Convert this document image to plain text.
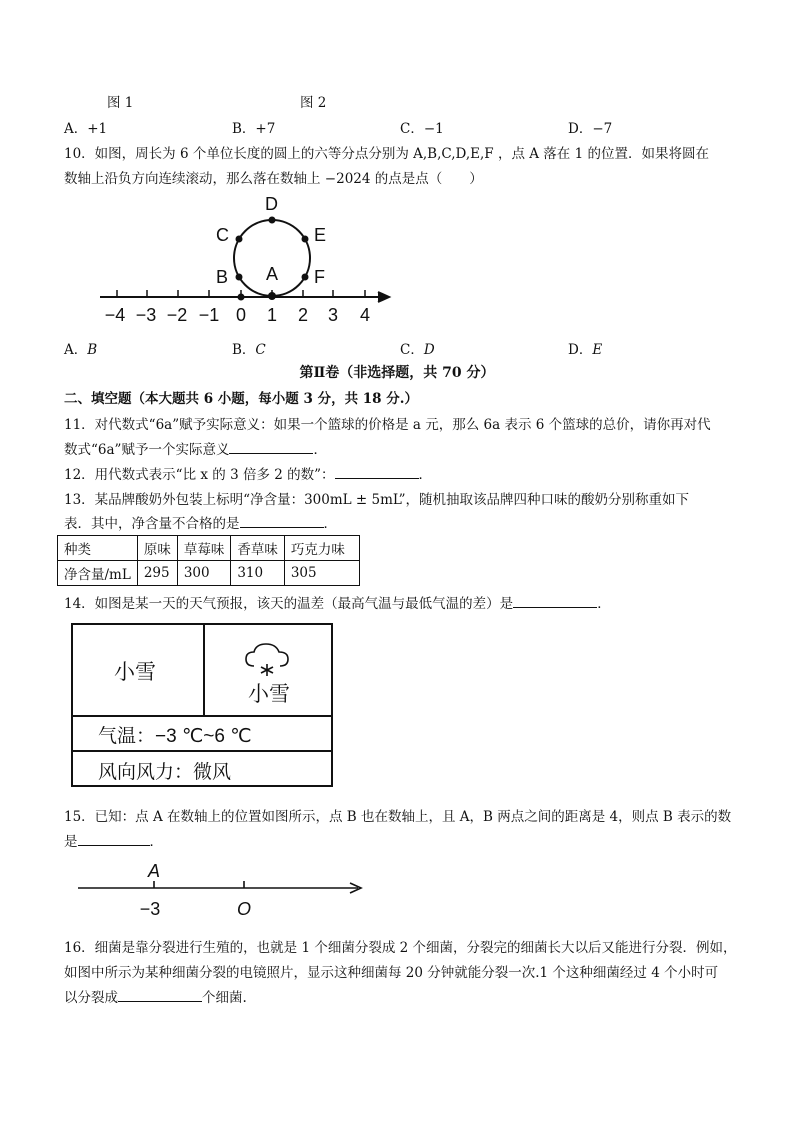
图 1	图 2
A．+1	B．+7	C．−1	D．−7
10．如图，周长为 6 个单位长度的圆上的六等分点分别为 A,B,C,D,E,F ，点 A 落在 1 的位置．如果将圆在
数轴上沿负方向连续滚动，那么落在数轴上 −2024 的点是点（　　）
A
B
C
D
E
F
−4 −3 −2 −1 0 1 2 3 4
A．B	B．C	C．D	D．E
第Ⅱ卷（非选择题，共 70 分）
二、填空题（本大题共 6 小题，每小题 3 分，共 18 分.）
11．对代数式“6a”赋予实际意义：如果一个篮球的价格是 a 元，那么 6a 表示 6 个篮球的总价，请你再对代
数式“6a”赋予一个实际意义	．
12．用代数式表示“比 x 的 3 倍多 2 的数”：	．
13．某品牌酸奶外包装上标明“净含量：300mL ± 5mL”，随机抽取该品牌四种口味的酸奶分别称重如下
表．其中，净含量不合格的是	．
种类	原味	草莓味	香草味	巧克力味
净含量/mL	295	300	310	305
14．如图是某一天的天气预报，该天的温差（最高气温与最低气温的差）是	．
小雪
小雪
气温：−3 ℃~6 ℃
风向风力：微风
15．已知：点 A 在数轴上的位置如图所示，点 B 也在数轴上，且 A，B 两点之间的距离是 4，则点 B 表示的数
是	．
A
O
−3
16．细菌是靠分裂进行生殖的，也就是 1 个细菌分裂成 2 个细菌，分裂完的细菌长大以后又能进行分裂．例如，
如图中所示为某种细菌分裂的电镜照片，显示这种细菌每 20 分钟就能分裂一次.1 个这种细菌经过 4 个小时可
以分裂成	个细菌.
